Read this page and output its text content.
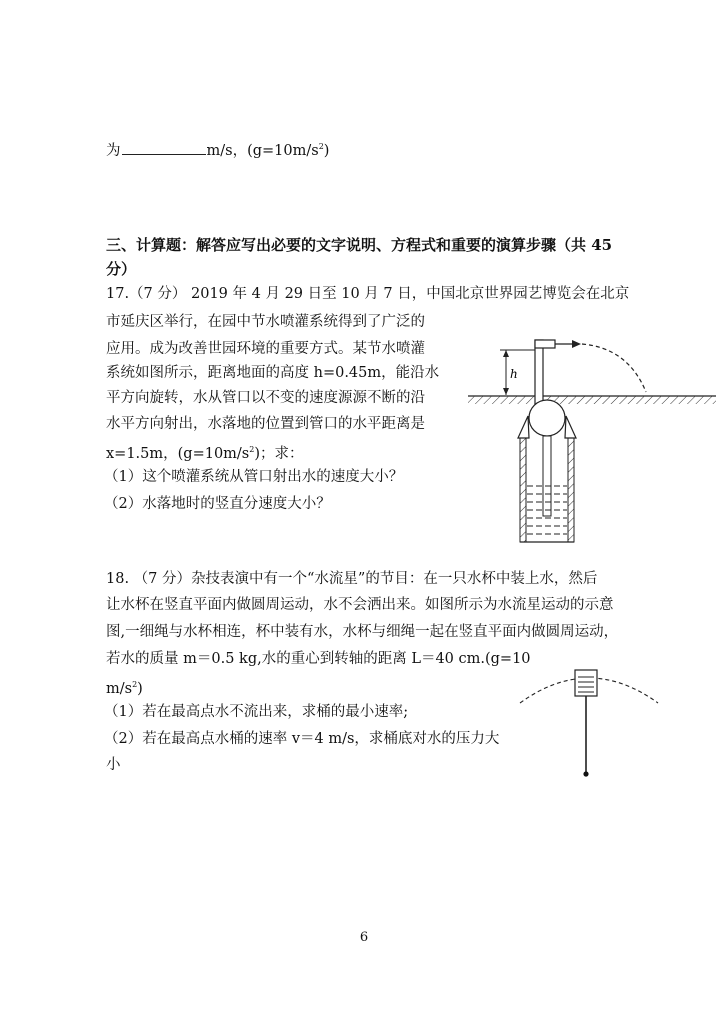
为	m/s，$(g=10m/s^2)$
三、计算题：解答应写出必要的文字说明、方程式和重要的演算步骤（共 45
分）
17.（7 分） 2019 年 4 月 29 日至 10 月 7 日，中国北京世界园艺博览会在北京
市延庆区举行，在园中节水喷灌系统得到了广泛的
应用。成为改善世园环境的重要方式。某节水喷灌
系统如图所示，距离地面的高度 h=0.45m，能沿水
平方向旋转，水从管口以不变的速度源源不断的沿
水平方向射出，水落地的位置到管口的水平距离是
x=1.5m，$(g=10m/s^2)$；求：
（1）这个喷灌系统从管口射出水的速度大小？
（2）水落地时的竖直分速度大小？
h
18. （7 分）杂技表演中有一个“水流星”的节目：在一只水杯中装上水，然后
让水杯在竖直平面内做圆周运动，水不会洒出来。如图所示为水流星运动的示意
图,一细绳与水杯相连，杯中装有水，水杯与细绳一起在竖直平面内做圆周运动，
若水的质量 m＝0.5 kg,水的重心到转轴的距离 L＝40 cm.(g=10
$m/s^2$)
（1）若在最高点水不流出来，求桶的最小速率;
（2）若在最高点水桶的速率 v＝4 m/s，求桶底对水的压力大
小
6
